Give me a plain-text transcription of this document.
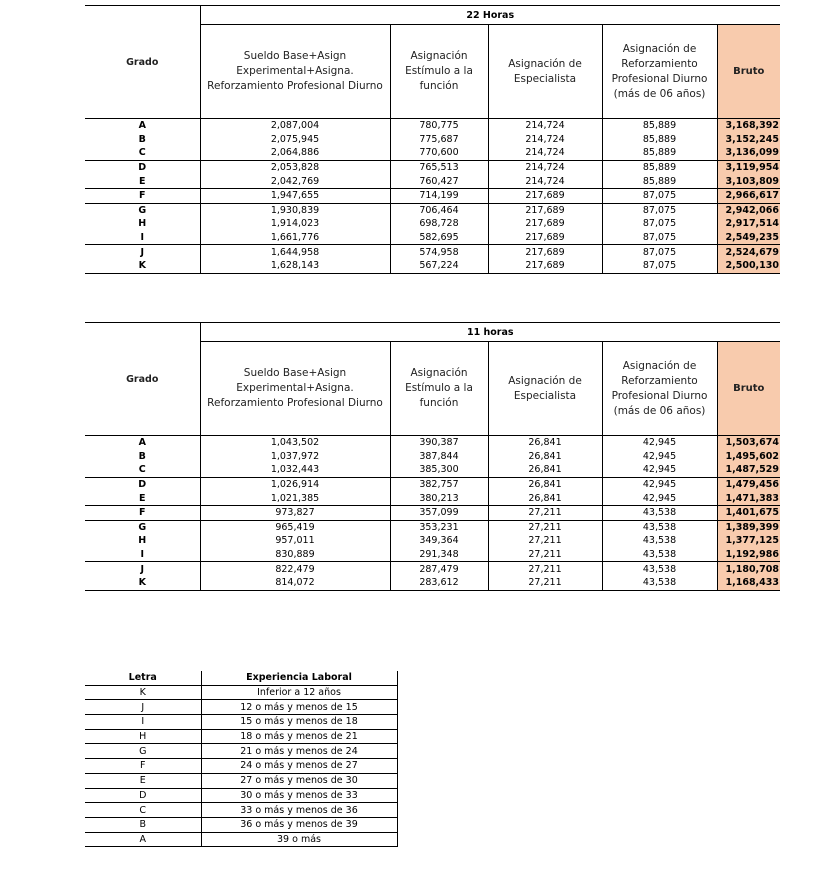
Grado	22 Horas				
	Sueldo Base+Asign Experimental+Asigna. Reforzamiento Profesional Diurno	Asignación Estímulo a la función	Asignación de Especialista	Asignación de Reforzamiento Profesional Diurno (más de 06 años)	Bruto
A	2,087,004	780,775	214,724	85,889	3,168,392
B	2,075,945	775,687	214,724	85,889	3,152,245
C	2,064,886	770,600	214,724	85,889	3,136,099
D	2,053,828	765,513	214,724	85,889	3,119,954
E	2,042,769	760,427	214,724	85,889	3,103,809
F	1,947,655	714,199	217,689	87,075	2,966,617
G	1,930,839	706,464	217,689	87,075	2,942,066
H	1,914,023	698,728	217,689	87,075	2,917,514
I	1,661,776	582,695	217,689	87,075	2,549,235
J	1,644,958	574,958	217,689	87,075	2,524,679
K	1,628,143	567,224	217,689	87,075	2,500,130
Grado	11 horas				
	Sueldo Base+Asign Experimental+Asigna. Reforzamiento Profesional Diurno	Asignación Estímulo a la función	Asignación de Especialista	Asignación de Reforzamiento Profesional Diurno (más de 06 años)	Bruto
A	1,043,502	390,387	26,841	42,945	1,503,674
B	1,037,972	387,844	26,841	42,945	1,495,602
C	1,032,443	385,300	26,841	42,945	1,487,529
D	1,026,914	382,757	26,841	42,945	1,479,456
E	1,021,385	380,213	26,841	42,945	1,471,383
F	973,827	357,099	27,211	43,538	1,401,675
G	965,419	353,231	27,211	43,538	1,389,399
H	957,011	349,364	27,211	43,538	1,377,125
I	830,889	291,348	27,211	43,538	1,192,986
J	822,479	287,479	27,211	43,538	1,180,708
K	814,072	283,612	27,211	43,538	1,168,433
Letra	Experiencia Laboral
K	Inferior a 12 años
J	12 o más y menos de 15
I	15 o más y menos de 18
H	18 o más y menos de 21
G	21 o más y menos de 24
F	24 o más y menos de 27
E	27 o más y menos de 30
D	30 o más y menos de 33
C	33 o más y menos de 36
B	36 o más y menos de 39
A	39 o más
